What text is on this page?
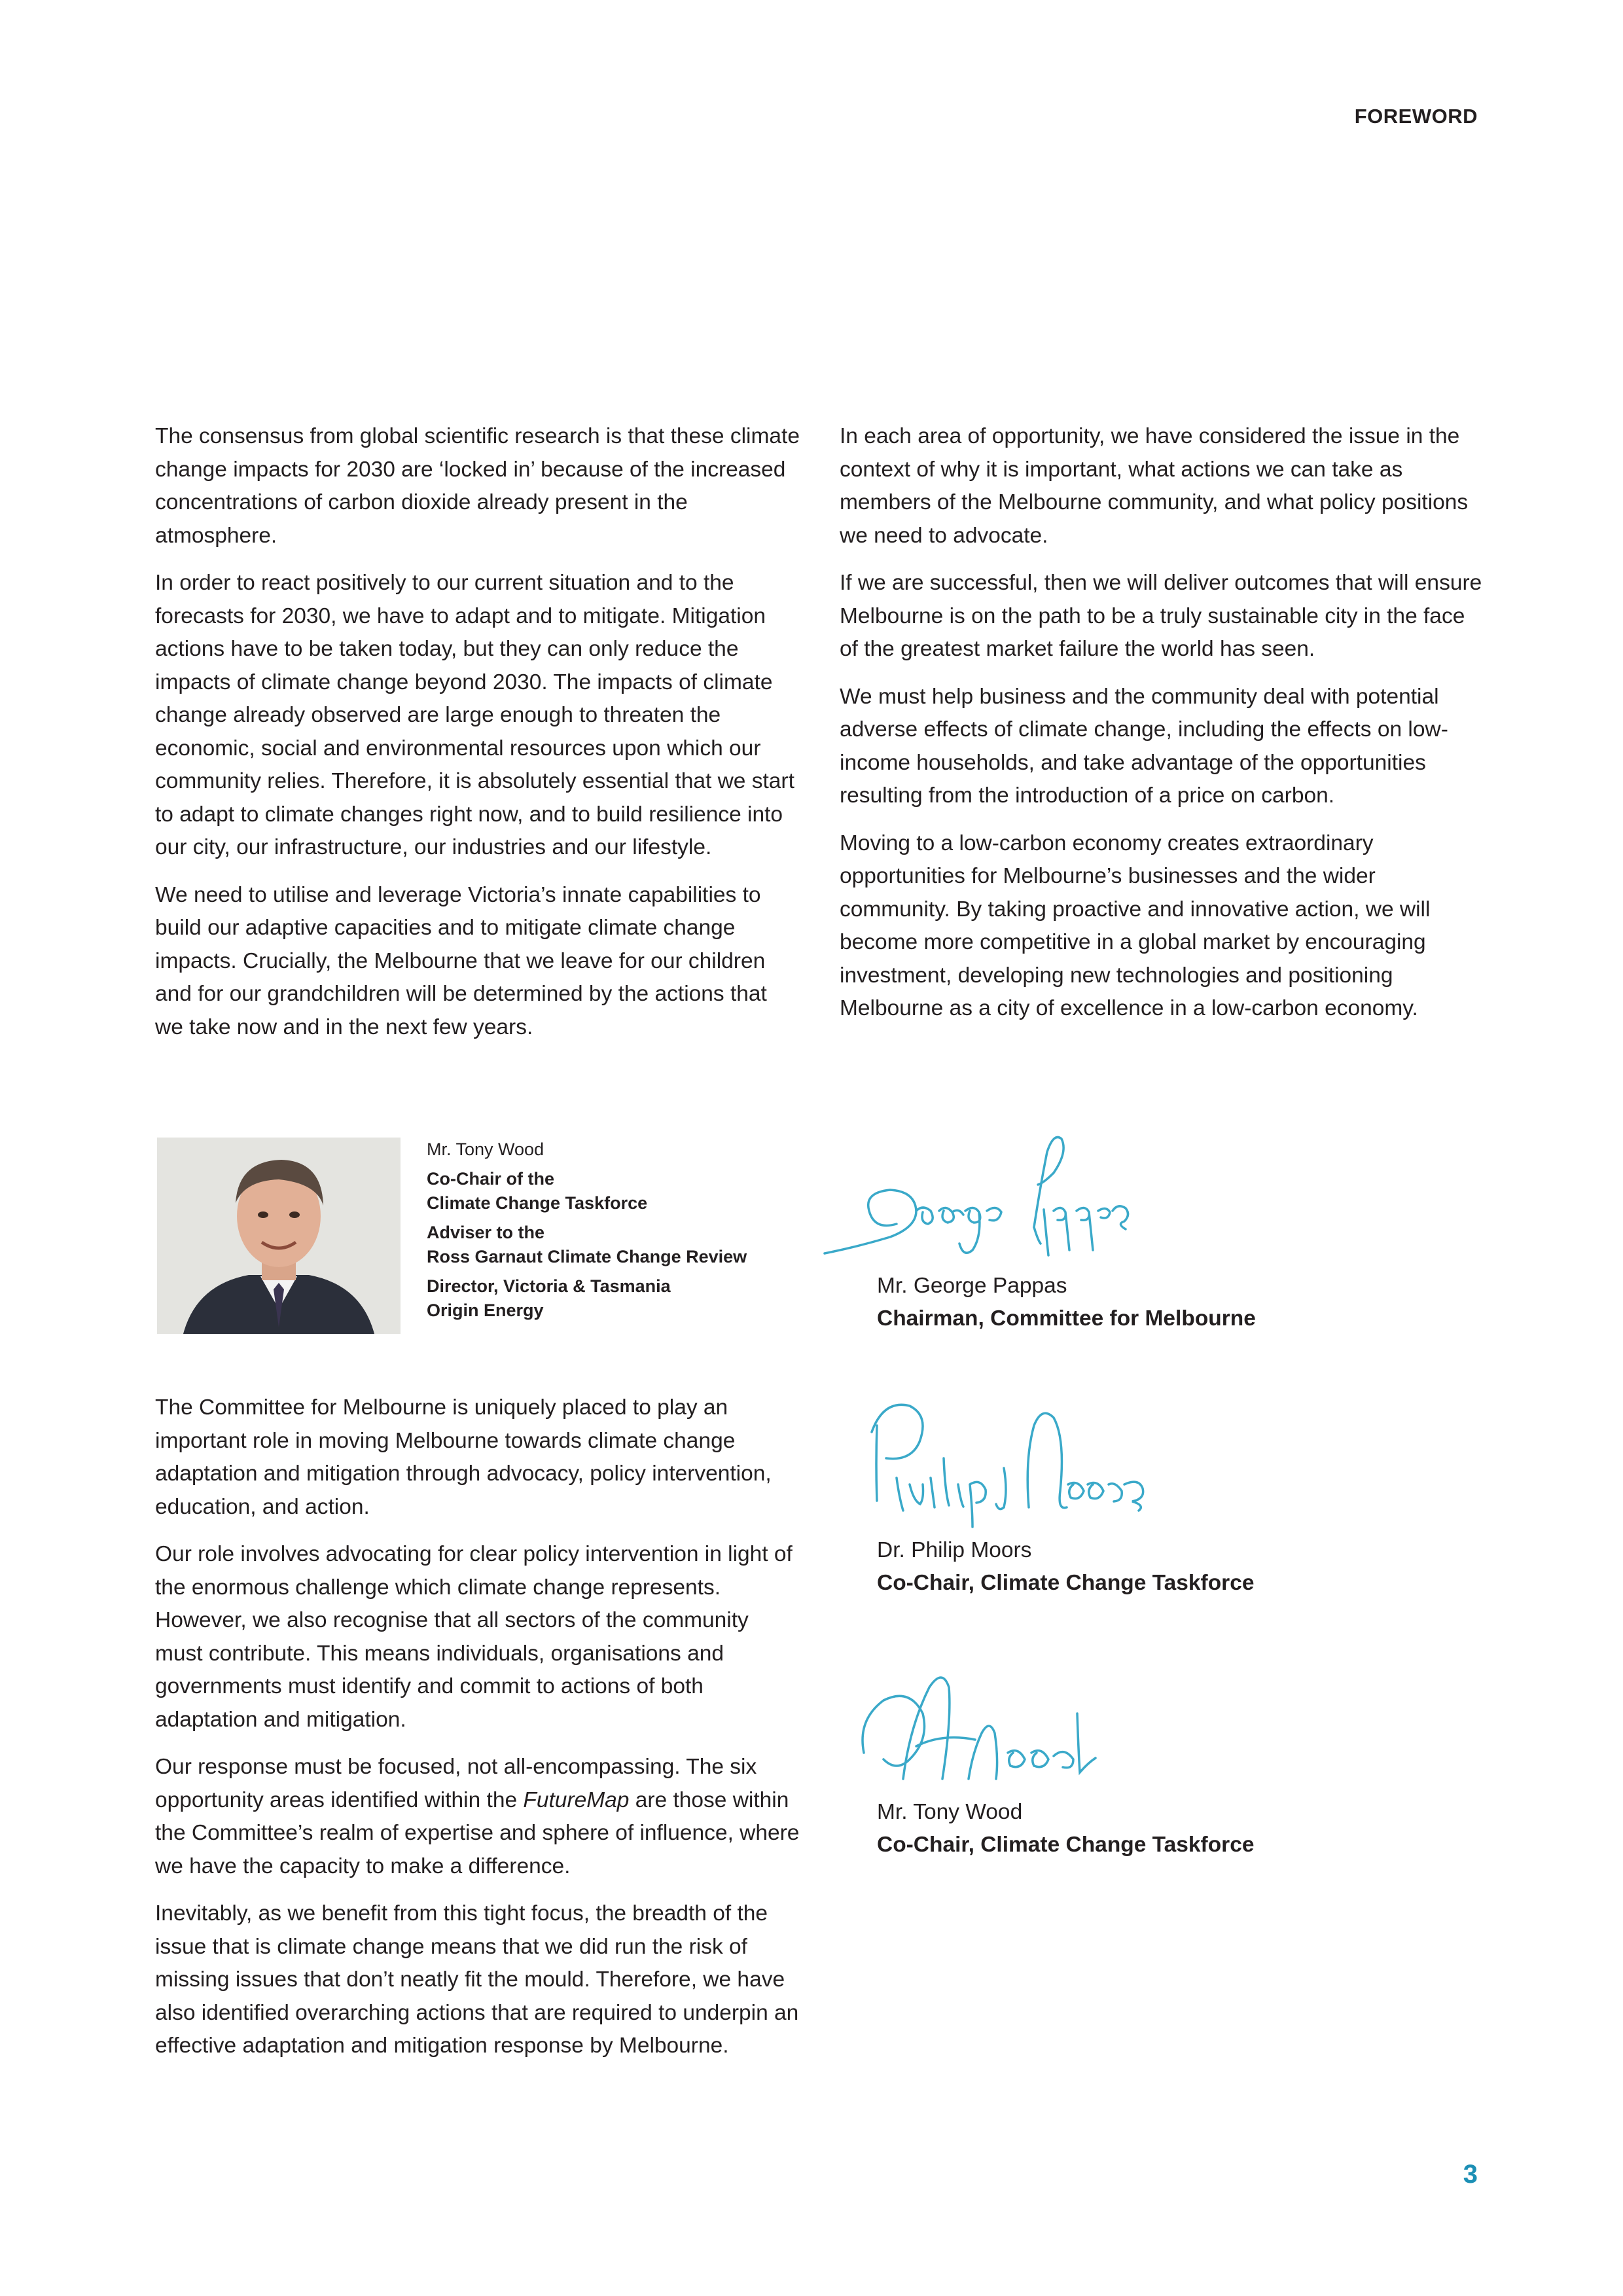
FOREWORD

The consensus from global scientific research is that these climate change impacts for 2030 are ‘locked in’ because of the increased concentrations of carbon dioxide already present in the atmosphere.

In order to react positively to our current situation and to the forecasts for 2030, we have to adapt and to mitigate. Mitigation actions have to be taken today, but they can only reduce the impacts of climate change beyond 2030. The impacts of climate change already observed are large enough to threaten the economic, social and environmental resources upon which our community relies. Therefore, it is absolutely essential that we start to adapt to climate changes right now, and to build resilience into our city, our infrastructure, our industries and our lifestyle.

We need to utilise and leverage Victoria’s innate capabilities to build our adaptive capacities and to mitigate climate change impacts. Crucially, the Melbourne that we leave for our children and for our grandchildren will be determined by the actions that we take now and in the next few years.

In each area of opportunity, we have considered the issue in the context of why it is important, what actions we can take as members of the Melbourne community, and what policy positions we need to advocate.

If we are successful, then we will deliver outcomes that will ensure Melbourne is on the path to be a truly sustainable city in the face of the greatest market failure the world has seen.

We must help business and the community deal with potential adverse effects of climate change, including the effects on low-income households, and take advantage of the opportunities resulting from the introduction of a price on carbon.

Moving to a low-carbon economy creates extraordinary opportunities for Melbourne’s businesses and the wider community. By taking proactive and innovative action, we will become more competitive in a global market by encouraging investment, developing new technologies and positioning Melbourne as a city of excellence in a low-carbon economy.

Mr. Tony Wood
Co-Chair of the
Climate Change Taskforce
Adviser to the
Ross Garnaut Climate Change Review
Director, Victoria & Tasmania
Origin Energy

The Committee for Melbourne is uniquely placed to play an important role in moving Melbourne towards climate change adaptation and mitigation through advocacy, policy intervention, education, and action.

Our role involves advocating for clear policy intervention in light of the enormous challenge which climate change represents. However, we also recognise that all sectors of the community must contribute. This means individuals, organisations and governments must identify and commit to actions of both adaptation and mitigation.

Our response must be focused, not all-encompassing. The six opportunity areas identified within the FutureMap are those within the Committee’s realm of expertise and sphere of influence, where we have the capacity to make a difference.

Inevitably, as we benefit from this tight focus, the breadth of the issue that is climate change means that we did run the risk of missing issues that don’t neatly fit the mould. Therefore, we have also identified overarching actions that are required to underpin an effective adaptation and mitigation response by Melbourne.

Mr. George Pappas
Chairman, Committee for Melbourne
Dr. Philip Moors
Co-Chair, Climate Change Taskforce
Mr. Tony Wood
Co-Chair, Climate Change Taskforce
3
